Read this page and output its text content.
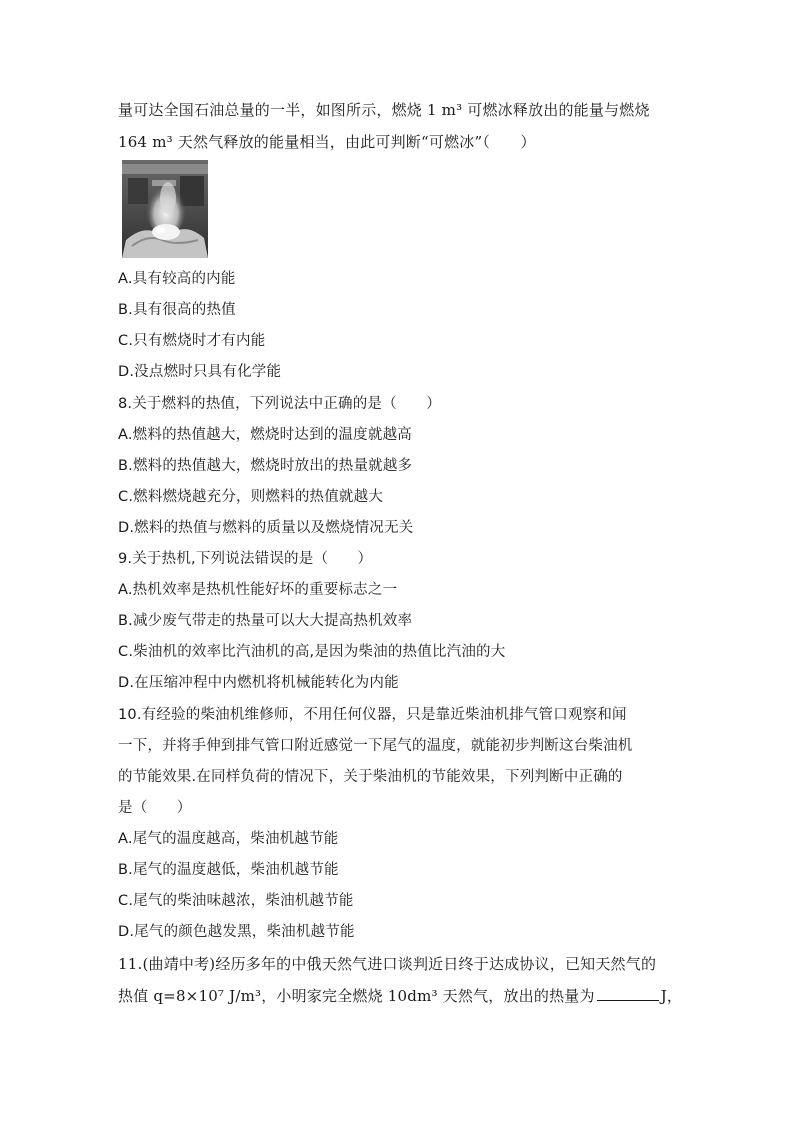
量可达全国石油总量的一半，如图所示，燃烧 1 m³ 可燃冰释放出的能量与燃烧
164 m³ 天然气释放的能量相当，由此可判断“可燃冰”（　　）
A.具有较高的内能
B.具有很高的热值
C.只有燃烧时才有内能
D.没点燃时只具有化学能
8.关于燃料的热值，下列说法中正确的是（　　）
A.燃料的热值越大，燃烧时达到的温度就越高
B.燃料的热值越大，燃烧时放出的热量就越多
C.燃料燃烧越充分，则燃料的热值就越大
D.燃料的热值与燃料的质量以及燃烧情况无关
9.关于热机,下列说法错误的是（　　）
A.热机效率是热机性能好坏的重要标志之一
B.减少废气带走的热量可以大大提高热机效率
C.柴油机的效率比汽油机的高,是因为柴油的热值比汽油的大
D.在压缩冲程中内燃机将机械能转化为内能
10.有经验的柴油机维修师，不用任何仪器，只是靠近柴油机排气管口观察和闻
一下，并将手伸到排气管口附近感觉一下尾气的温度，就能初步判断这台柴油机
的节能效果.在同样负荷的情况下，关于柴油机的节能效果，下列判断中正确的
是（　　）
A.尾气的温度越高，柴油机越节能
B.尾气的温度越低，柴油机越节能
C.尾气的柴油味越浓，柴油机越节能
D.尾气的颜色越发黑，柴油机越节能
11.(曲靖中考)经历多年的中俄天然气进口谈判近日终于达成协议，已知天然气的
热值 q=8×10⁷ J/m³，小明家完全燃烧 10dm³ 天然气，放出的热量为	J，
